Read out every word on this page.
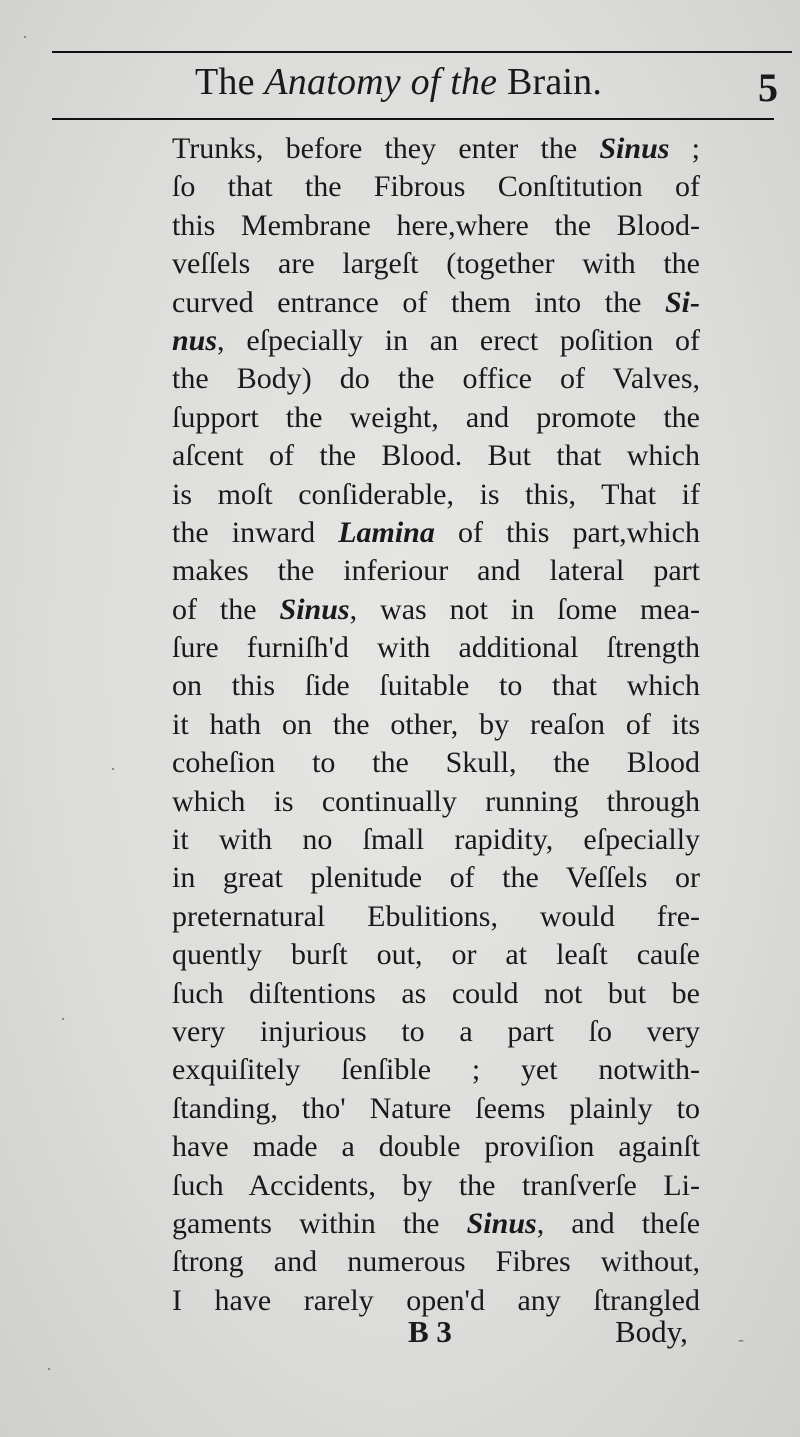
The Anatomy of the Brain.	5
Trunks, before they enter the Sinus ;
ſo that the Fibrous Conſtitution of
this Membrane here,where the Blood-
veſſels are largeſt (together with the
curved entrance of them into the Si-
nus, eſpecially in an erect poſition of
the Body) do the office of Valves,
ſupport the weight, and promote the
aſcent of the Blood. But that which
is moſt conſiderable, is this, That if
the inward Lamina of this part,which
makes the inferiour and lateral part
of the Sinus, was not in ſome mea-
ſure furniſh'd with additional ſtrength
on this ſide ſuitable to that which
it hath on the other, by reaſon of its
coheſion to the Skull, the Blood
which is continually running through
it with no ſmall rapidity, eſpecially
in great plenitude of the Veſſels or
preternatural Ebulitions, would fre-
quently burſt out, or at leaſt cauſe
ſuch diſtentions as could not but be
very injurious to a part ſo very
exquiſitely ſenſible ; yet notwith-
ſtanding, tho' Nature ſeems plainly to
have made a double proviſion againſt
ſuch Accidents, by the tranſverſe Li-
gaments within the Sinus, and theſe
ſtrong and numerous Fibres without,
I have rarely open'd any ſtrangled
B 3	Body,
·
·
·
-
·
